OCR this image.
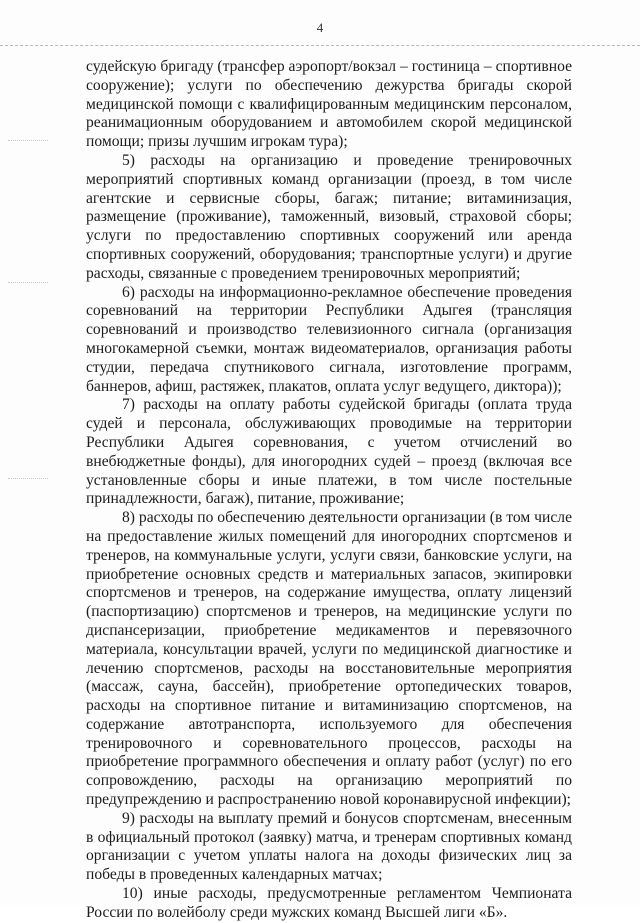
4

судейскую бригаду (трансфер аэропорт/вокзал – гостиница – спортивное сооружение); услуги по обеспечению дежурства бригады скорой медицинской помощи с квалифицированным медицинским персоналом, реанимационным оборудованием и автомобилем скорой медицинской помощи; призы лучшим игрокам тура);

5) расходы на организацию и проведение тренировочных мероприятий спортивных команд организации (проезд, в том числе агентские и сервисные сборы, багаж; питание; витаминизация, размещение (проживание), таможенный, визовый, страховой сборы; услуги по предоставлению спортивных сооружений или аренда спортивных сооружений, оборудования; транспортные услуги) и другие расходы, связанные с проведением тренировочных мероприятий;

6) расходы на информационно-рекламное обеспечение проведения соревнований на территории Республики Адыгея (трансляция соревнований и производство телевизионного сигнала (организация многокамерной съемки, монтаж видеоматериалов, организация работы студии, передача спутникового сигнала, изготовление программ, баннеров, афиш, растяжек, плакатов, оплата услуг ведущего, диктора));

7) расходы на оплату работы судейской бригады (оплата труда судей и персонала, обслуживающих проводимые на территории Республики Адыгея соревнования, с учетом отчислений во внебюджетные фонды), для иногородних судей – проезд (включая все установленные сборы и иные платежи, в том числе постельные принадлежности, багаж), питание, проживание;

8) расходы по обеспечению деятельности организации (в том числе на предоставление жилых помещений для иногородних спортсменов и тренеров, на коммунальные услуги, услуги связи, банковские услуги, на приобретение основных средств и материальных запасов, экипировки спортсменов и тренеров, на содержание имущества, оплату лицензий (паспортизацию) спортсменов и тренеров, на медицинские услуги по диспансеризации, приобретение медикаментов и перевязочного материала, консультации врачей, услуги по медицинской диагностике и лечению спортсменов, расходы на восстановительные мероприятия (массаж, сауна, бассейн), приобретение ортопедических товаров, расходы на спортивное питание и витаминизацию спортсменов, на содержание автотранспорта, используемого для обеспечения тренировочного и соревновательного процессов, расходы на приобретение программного обеспечения и оплату работ (услуг) по его сопровождению, расходы на организацию мероприятий по предупреждению и распространению новой коронавирусной инфекции);

9) расходы на выплату премий и бонусов спортсменам, внесенным в официальный протокол (заявку) матча, и тренерам спортивных команд организации с учетом уплаты налога на доходы физических лиц за победы в проведенных календарных матчах;

10) иные расходы, предусмотренные регламентом Чемпионата России по волейболу среди мужских команд Высшей лиги «Б».
